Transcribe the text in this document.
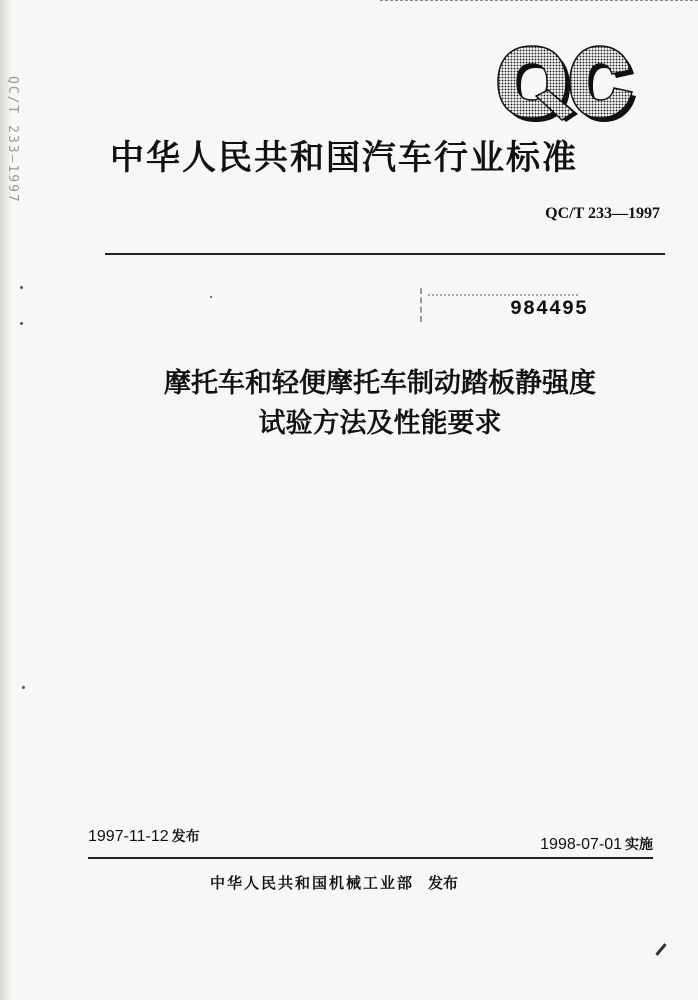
QC/T 233—1997	中华人民共和国汽车行业标准
QC/T 233—1997
984495
摩托车和轻便摩托车制动踏板静强度
试验方法及性能要求
1997-11-12 发布	1998-07-01 实施
中华人民共和国机械工业部 发布
